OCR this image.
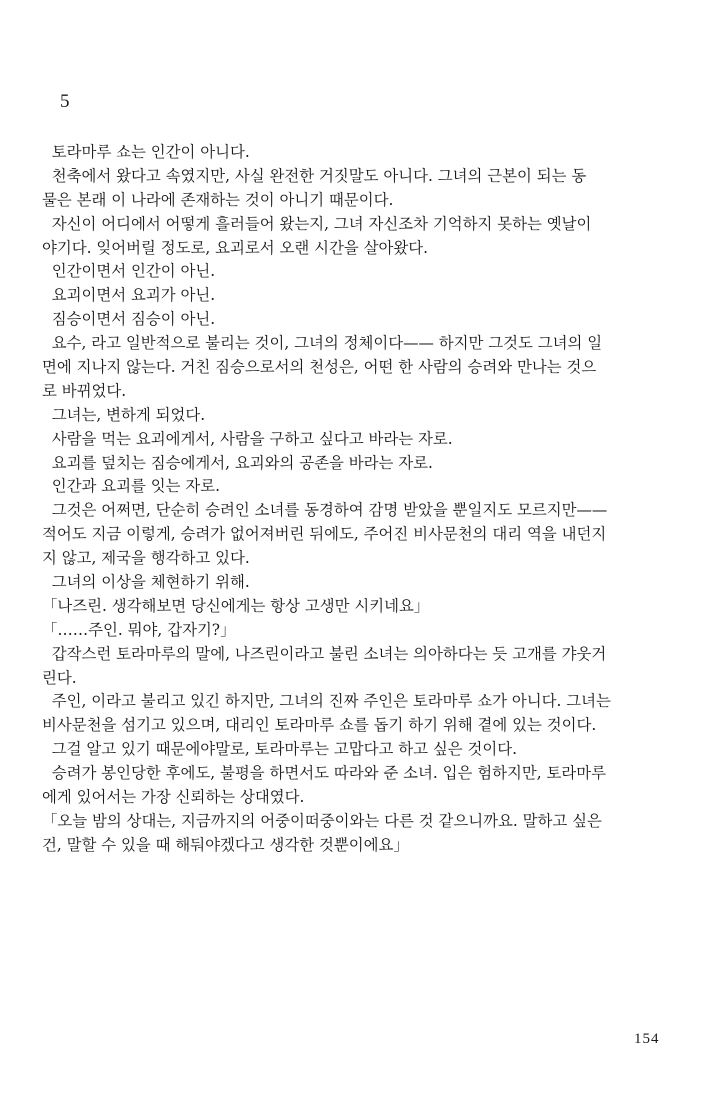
5
토라마루 쇼는 인간이 아니다.
천축에서 왔다고 속였지만, 사실 완전한 거짓말도 아니다. 그녀의 근본이 되는 동
물은 본래 이 나라에 존재하는 것이 아니기 때문이다.
자신이 어디에서 어떻게 흘러들어 왔는지, 그녀 자신조차 기억하지 못하는 옛날이
야기다. 잊어버릴 정도로, 요괴로서 오랜 시간을 살아왔다.
인간이면서 인간이 아닌.
요괴이면서 요괴가 아닌.
짐승이면서 짐승이 아닌.
요수, 라고 일반적으로 불리는 것이, 그녀의 정체이다—— 하지만 그것도 그녀의 일
면에 지나지 않는다. 거친 짐승으로서의 천성은, 어떤 한 사람의 승려와 만나는 것으
로 바뀌었다.
그녀는, 변하게 되었다.
사람을 먹는 요괴에게서, 사람을 구하고 싶다고 바라는 자로.
요괴를 덮치는 짐승에게서, 요괴와의 공존을 바라는 자로.
인간과 요괴를 잇는 자로.
그것은 어쩌면, 단순히 승려인 소녀를 동경하여 감명 받았을 뿐일지도 모르지만——
적어도 지금 이렇게, 승려가 없어져버린 뒤에도, 주어진 비사문천의 대리 역을 내던지
지 않고, 제국을 행각하고 있다.
그녀의 이상을 체현하기 위해.
「나즈린. 생각해보면 당신에게는 항상 고생만 시키네요」
「……주인. 뭐야, 갑자기?」
갑작스런 토라마루의 말에, 나즈린이라고 불린 소녀는 의아하다는 듯 고개를 갸웃거
린다.
주인, 이라고 불리고 있긴 하지만, 그녀의 진짜 주인은 토라마루 쇼가 아니다. 그녀는
비사문천을 섬기고 있으며, 대리인 토라마루 쇼를 돕기 하기 위해 곁에 있는 것이다.
그걸 알고 있기 때문에야말로, 토라마루는 고맙다고 하고 싶은 것이다.
승려가 봉인당한 후에도, 불평을 하면서도 따라와 준 소녀. 입은 험하지만, 토라마루
에게 있어서는 가장 신뢰하는 상대였다.
「오늘 밤의 상대는, 지금까지의 어중이떠중이와는 다른 것 같으니까요. 말하고 싶은
건, 말할 수 있을 때 해둬야겠다고 생각한 것뿐이에요」
154
